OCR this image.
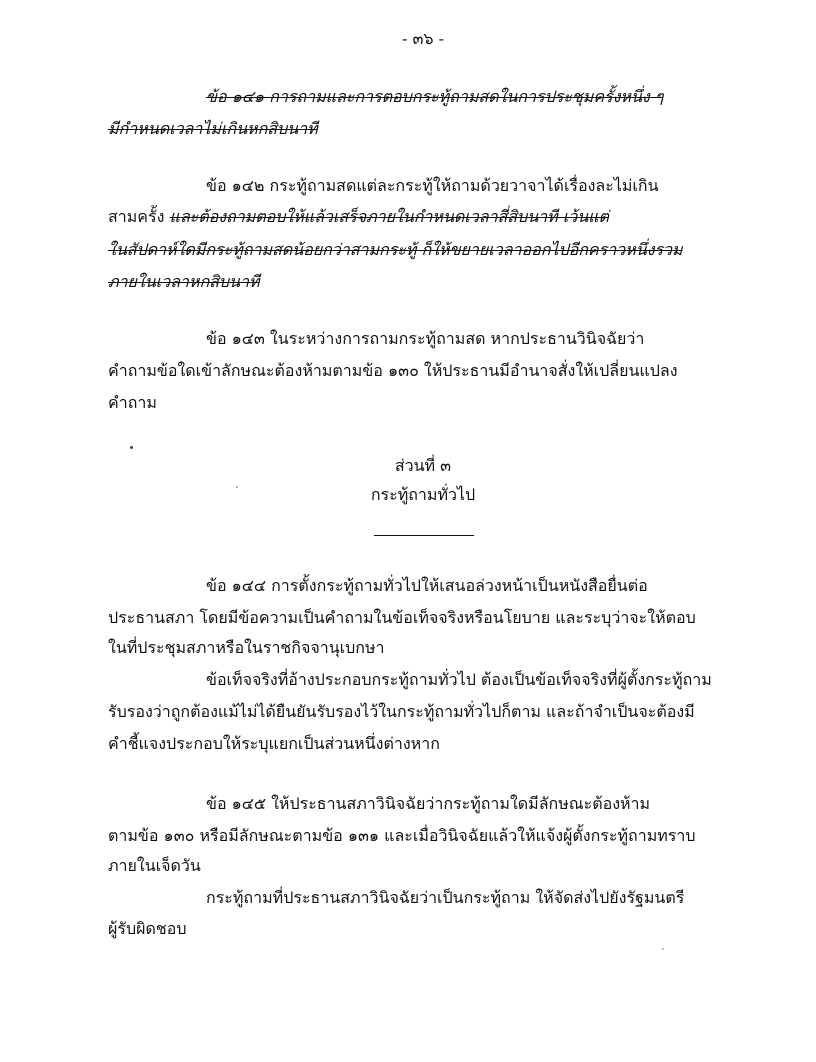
- ๓๖ -
ข้อ ๑๔๑ การถามและการตอบกระทู้ถามสดในการประชุมครั้งหนึ่ง ๆ
มีกำหนดเวลาไม่เกินหกสิบนาที
ข้อ ๑๔๒ กระทู้ถามสดแต่ละกระทู้ให้ถามด้วยวาจาได้เรื่องละไม่เกิน
สามครั้ง และต้องถามตอบให้แล้วเสร็จภายในกำหนดเวลาสี่สิบนาที เว้นแต่
ในสัปดาห์ใดมีกระทู้ถามสดน้อยกว่าสามกระทู้ ก็ให้ขยายเวลาออกไปอีกคราวหนึ่งรวม
ภายในเวลาหกสิบนาที
ข้อ ๑๔๓ ในระหว่างการถามกระทู้ถามสด หากประธานวินิจฉัยว่า
คำถามข้อใดเข้าลักษณะต้องห้ามตามข้อ ๑๓๐ ให้ประธานมีอำนาจสั่งให้เปลี่ยนแปลง
คำถาม
ส่วนที่ ๓
กระทู้ถามทั่วไป
ข้อ ๑๔๔ การตั้งกระทู้ถามทั่วไปให้เสนอล่วงหน้าเป็นหนังสือยื่นต่อ
ประธานสภา โดยมีข้อความเป็นคำถามในข้อเท็จจริงหรือนโยบาย และระบุว่าจะให้ตอบ
ในที่ประชุมสภาหรือในราชกิจจานุเบกษา
ข้อเท็จจริงที่อ้างประกอบกระทู้ถามทั่วไป ต้องเป็นข้อเท็จจริงที่ผู้ตั้งกระทู้ถาม
รับรองว่าถูกต้องแม้ไม่ได้ยืนยันรับรองไว้ในกระทู้ถามทั่วไปก็ตาม และถ้าจำเป็นจะต้องมี
คำชี้แจงประกอบให้ระบุแยกเป็นส่วนหนึ่งต่างหาก
ข้อ ๑๔๕ ให้ประธานสภาวินิจฉัยว่ากระทู้ถามใดมีลักษณะต้องห้าม
ตามข้อ ๑๓๐ หรือมีลักษณะตามข้อ ๑๓๑ และเมื่อวินิจฉัยแล้วให้แจ้งผู้ตั้งกระทู้ถามทราบ
ภายในเจ็ดวัน
กระทู้ถามที่ประธานสภาวินิจฉัยว่าเป็นกระทู้ถาม ให้จัดส่งไปยังรัฐมนตรี
ผู้รับผิดชอบ
